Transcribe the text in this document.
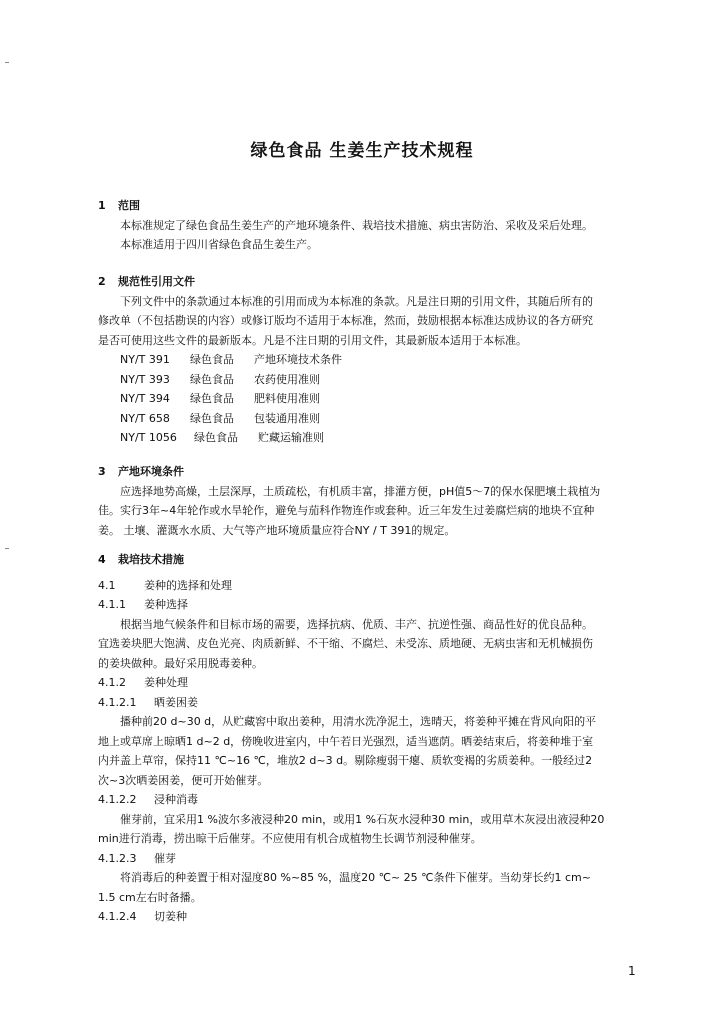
绿色食品 生姜生产技术规程
1 范围
本标准规定了绿色食品生姜生产的产地环境条件、栽培技术措施、病虫害防治、采收及采后处理。
本标准适用于四川省绿色食品生姜生产。
2 规范性引用文件
下列文件中的条款通过本标准的引用而成为本标准的条款。凡是注日期的引用文件，其随后所有的
修改单（不包括勘误的内容）或修订版均不适用于本标准，然而，鼓励根据本标准达成协议的各方研究
是否可使用这些文件的最新版本。凡是不注日期的引用文件，其最新版本适用于本标准。
NY/T 391 绿色食品 产地环境技术条件
NY/T 393 绿色食品 农药使用准则
NY/T 394 绿色食品 肥料使用准则
NY/T 658 绿色食品 包装通用准则
NY/T 1056 绿色食品 贮藏运输准则
3 产地环境条件
应选择地势高燥，土层深厚，土质疏松，有机质丰富，排灌方便，pH值5～7的保水保肥壤土栽植为
佳。实行3年~4年轮作或水旱轮作，避免与茄科作物连作或套种。近三年发生过姜腐烂病的地块不宜种
姜。 土壤、灌溉水水质、大气等产地环境质量应符合NY / T 391的规定。
4 栽培技术措施
4.1	姜种的选择和处理
4.1.1 姜种选择
根据当地气候条件和目标市场的需要，选择抗病、优质、丰产、抗逆性强、商品性好的优良品种。
宜选姜块肥大饱满、皮色光亮、肉质新鲜、不干缩、不腐烂、未受冻、质地硬、无病虫害和无机械损伤
的姜块做种。最好采用脱毒姜种。
4.1.2 姜种处理
4.1.2.1 晒姜困姜
播种前20 d~30 d，从贮藏窖中取出姜种，用清水洗净泥土，选晴天，将姜种平摊在背风向阳的平
地上或草席上晾晒1 d~2 d，傍晚收进室内，中午若日光强烈，适当遮荫。晒姜结束后，将姜种堆于室
内并盖上草帘，保持11 ℃~16 ℃，堆放2 d~3 d。剔除瘦弱干瘪、质软变褐的劣质姜种。一般经过2
次~3次晒姜困姜，便可开始催芽。
4.1.2.2 浸种消毒
催芽前，宜采用1 %波尔多液浸种20 min，或用1 %石灰水浸种30 min，或用草木灰浸出液浸种20
min进行消毒，捞出晾干后催芽。不应使用有机合成植物生长调节剂浸种催芽。
4.1.2.3 催芽
将消毒后的种姜置于相对湿度80 %~85 %，温度20 ℃~ 25 ℃条件下催芽。当幼芽长约1 cm~
1.5 cm左右时备播。
4.1.2.4 切姜种
1
